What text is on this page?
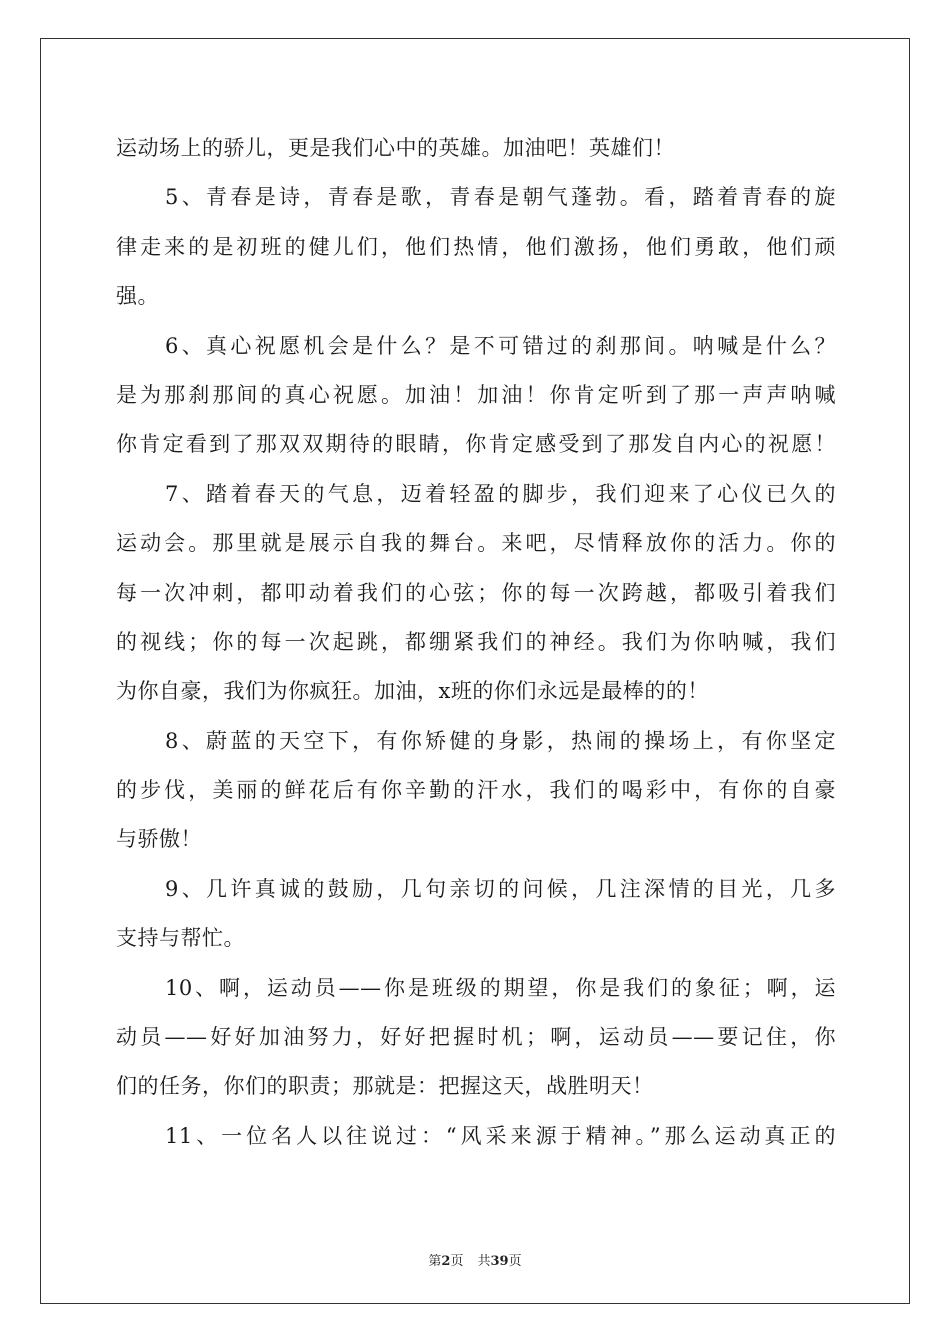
运动场上的骄儿，更是我们心中的英雄。加油吧！英雄们！
5、青春是诗，青春是歌，青春是朝气蓬勃。看，踏着青春的旋
律走来的是初班的健儿们，他们热情，他们激扬，他们勇敢，他们顽
强。
6、真心祝愿机会是什么？是不可错过的刹那间。呐喊是什么？
是为那刹那间的真心祝愿。加油！加油！你肯定听到了那一声声呐喊
你肯定看到了那双双期待的眼睛，你肯定感受到了那发自内心的祝愿！
7、踏着春天的气息，迈着轻盈的脚步，我们迎来了心仪已久的
运动会。那里就是展示自我的舞台。来吧，尽情释放你的活力。你的
每一次冲刺，都叩动着我们的心弦；你的每一次跨越，都吸引着我们
的视线；你的每一次起跳，都绷紧我们的神经。我们为你呐喊，我们
为你自豪，我们为你疯狂。加油，x班的你们永远是最棒的的！
8、蔚蓝的天空下，有你矫健的身影，热闹的操场上，有你坚定
的步伐，美丽的鲜花后有你辛勤的汗水，我们的喝彩中，有你的自豪
与骄傲！
9、几许真诚的鼓励，几句亲切的问候，几注深情的目光，几多
支持与帮忙。
10、啊，运动员——你是班级的期望，你是我们的象征；啊，运
动员——好好加油努力，好好把握时机；啊，运动员——要记住，你
们的任务，你们的职责；那就是：把握这天，战胜明天！
11、一位名人以往说过：“风采来源于精神。”那么运动真正的
第2页 共39页
